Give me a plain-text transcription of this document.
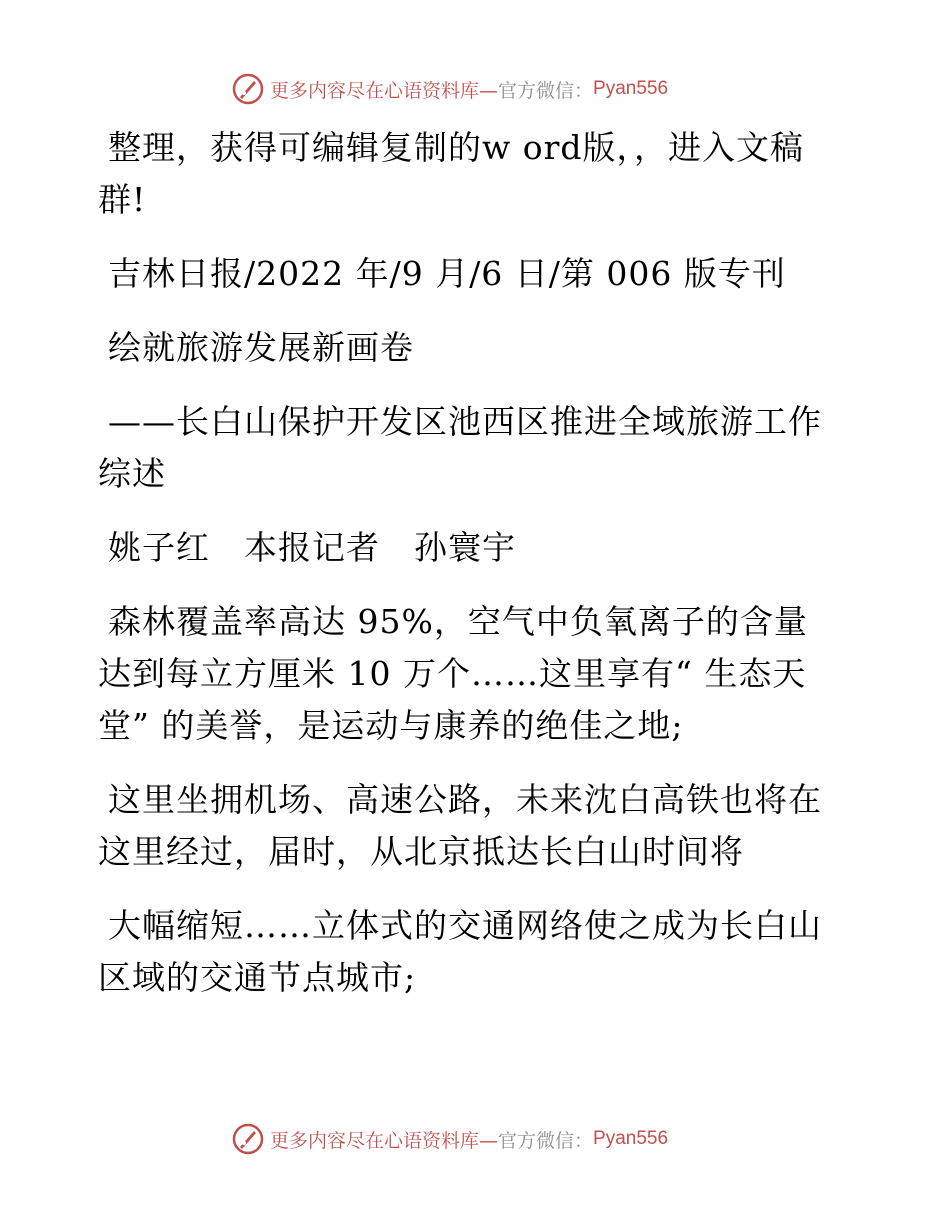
更多内容尽在心语资料库— 官方微信： Pyan556

整理，获得可编辑复制的w ord版，，进入文稿群!

吉林日报/2022 年/9 月/6 日/第 006 版专刊

绘就旅游发展新画卷

——长白山保护开发区池西区推进全域旅游工作综述

姚子红　本报记者　孙寰宇

森林覆盖率高达 95%，空气中负氧离子的含量达到每立方厘米 10 万个……这里享有“ 生态天堂” 的美誉，是运动与康养的绝佳之地;

这里坐拥机场、高速公路，未来沈白高铁也将在这里经过，届时，从北京抵达长白山时间将

大幅缩短……立体式的交通网络使之成为长白山区域的交通节点城市;

更多内容尽在心语资料库— 官方微信： Pyan556
